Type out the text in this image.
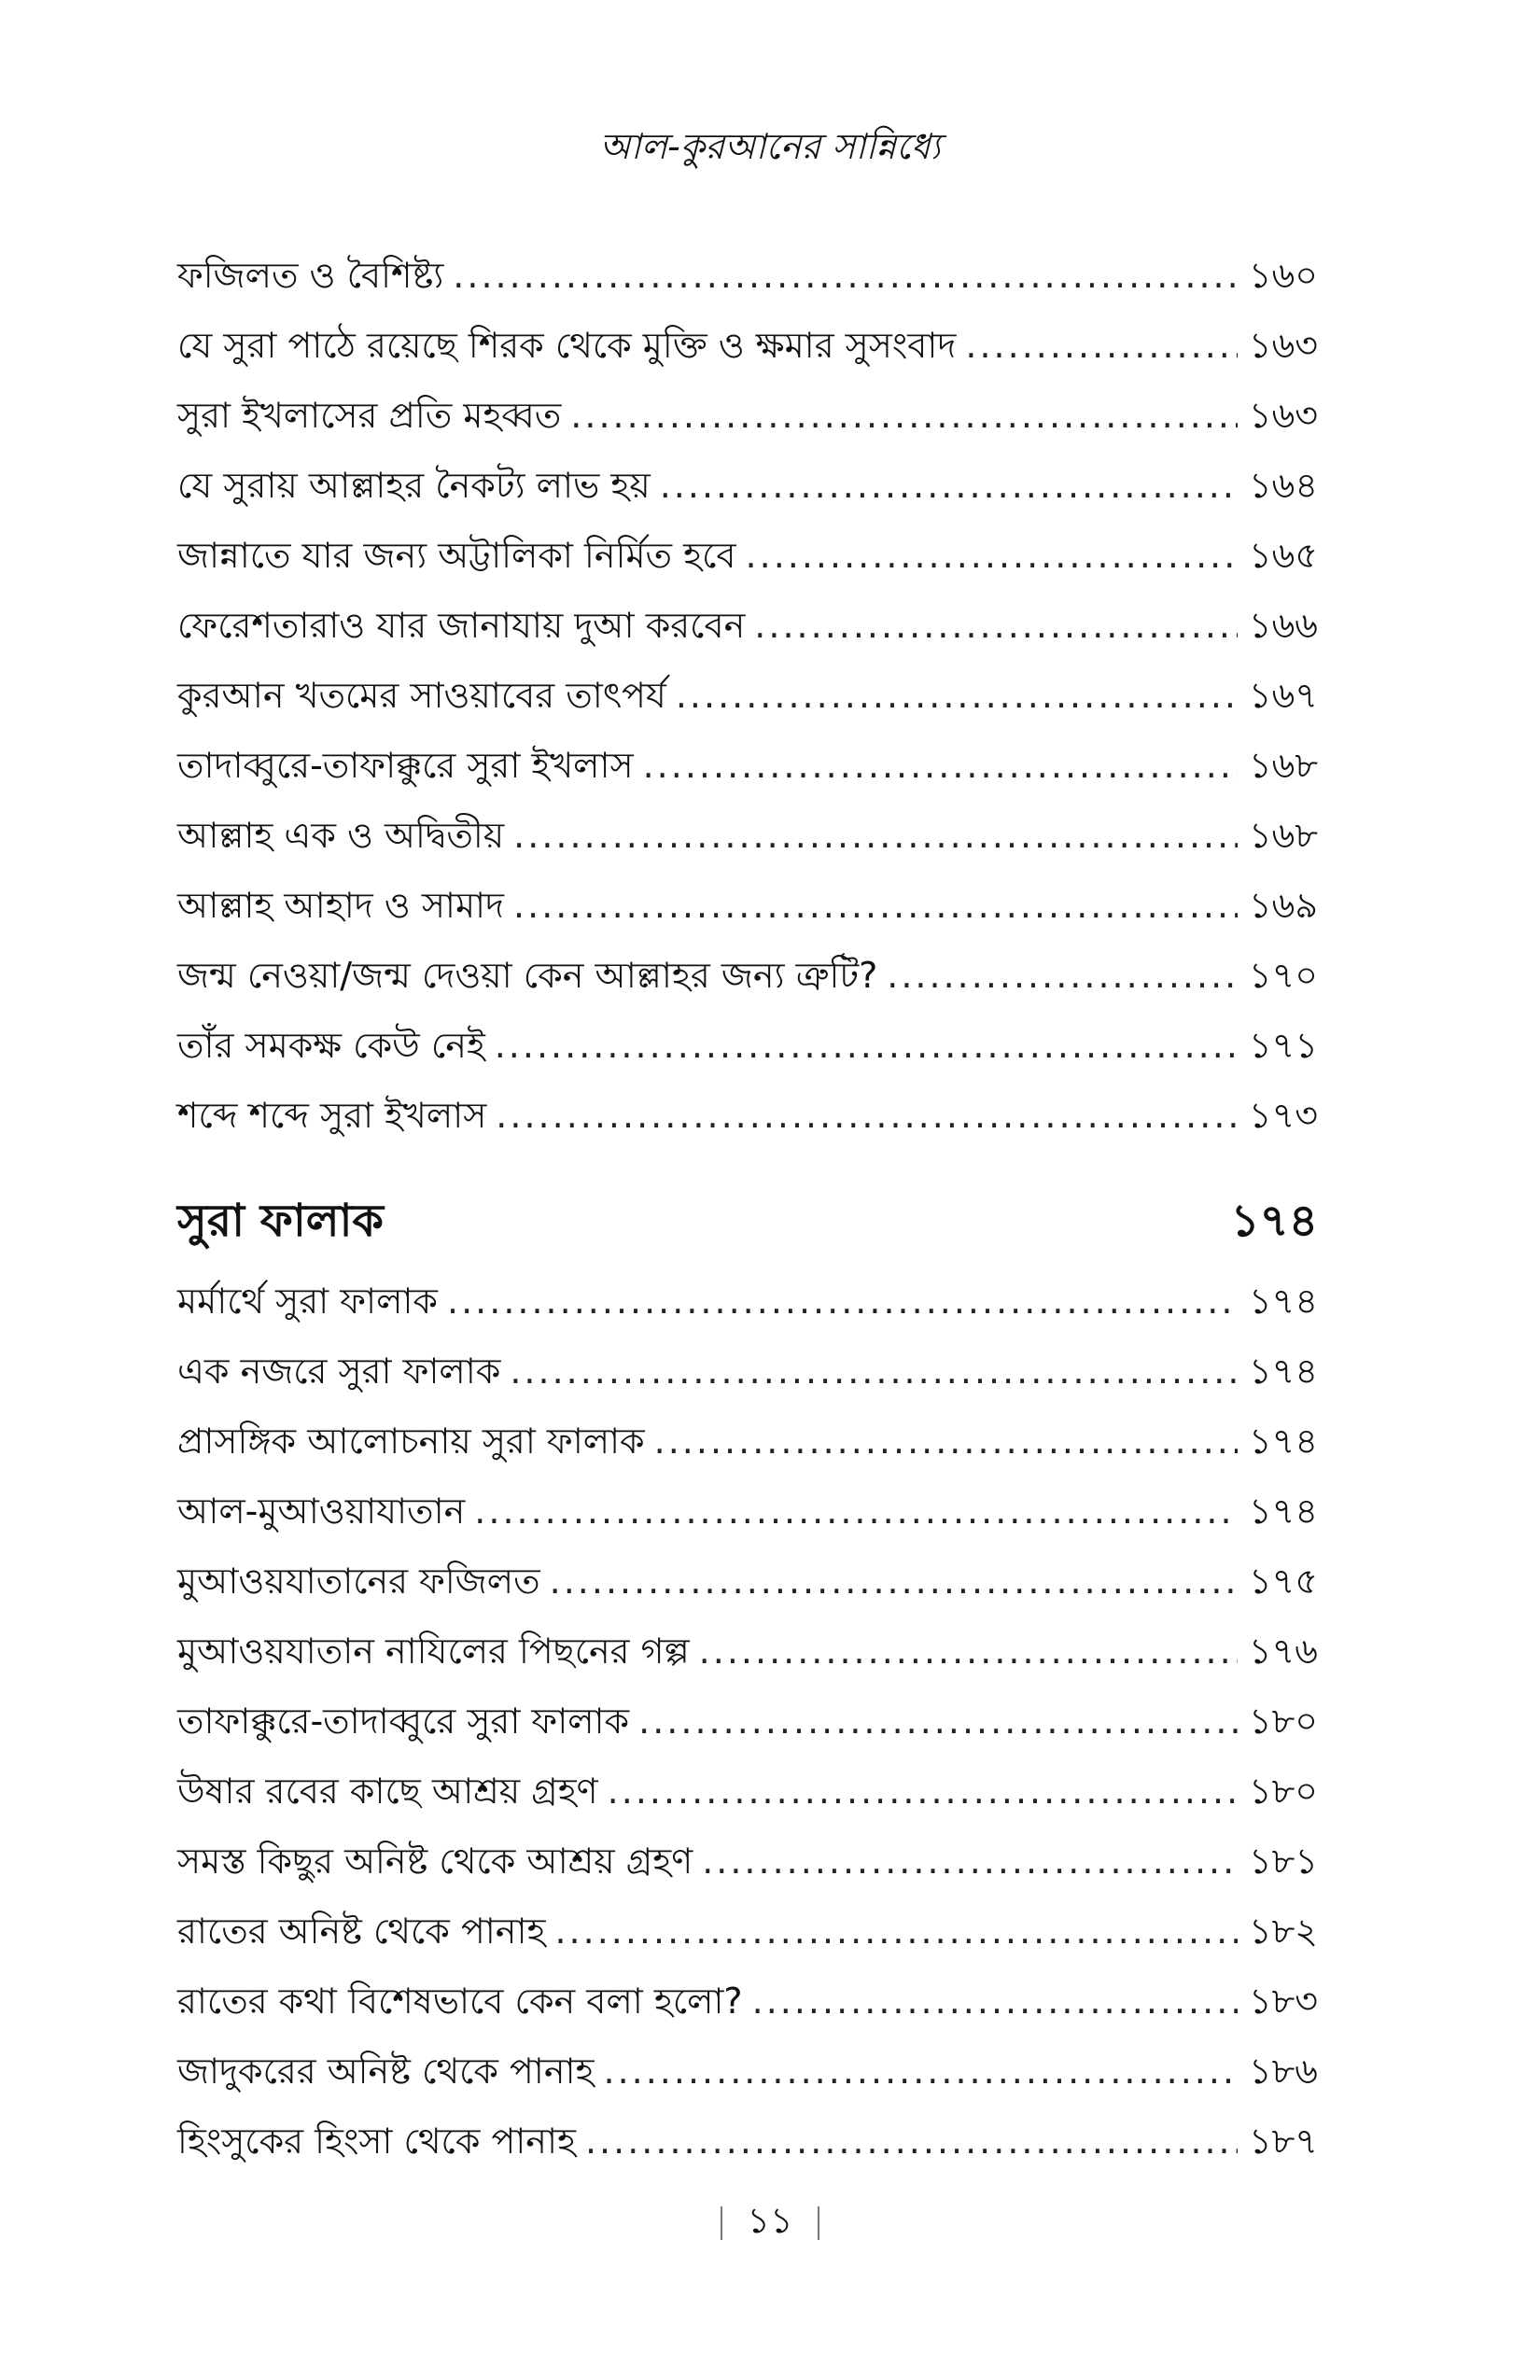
আল-কুরআনের সান্নিধ্যে
ফজিলত ও বৈশিষ্ট্য .....	১৬০
যে সুরা পাঠে রয়েছে শিরক থেকে মুক্তি ও ক্ষমার সুসংবাদ .....	১৬৩
সুরা ইখলাসের প্রতি মহব্বত .....	১৬৩
যে সুরায় আল্লাহর নৈকট্য লাভ হয় .....	১৬৪
জান্নাতে যার জন্য অট্টালিকা নির্মিত হবে .....	১৬৫
ফেরেশতারাও যার জানাযায় দুআ করবেন .....	১৬৬
কুরআন খতমের সাওয়াবের তাৎপর্য .....	১৬৭
তাদাব্বুরে-তাফাক্কুরে সুরা ইখলাস .....	১৬৮
আল্লাহ এক ও অদ্বিতীয় .....	১৬৮
আল্লাহ আহাদ ও সামাদ .....	১৬৯
জন্ম নেওয়া/জন্ম দেওয়া কেন আল্লাহর জন্য ত্রুটি? .....	১৭০
তাঁর সমকক্ষ কেউ নেই .....	১৭১
শব্দে শব্দে সুরা ইখলাস .....	১৭৩
সুরা ফালাক	১৭৪
মর্মার্থে সুরা ফালাক .....	১৭৪
এক নজরে সুরা ফালাক .....	১৭৪
প্রাসঙ্গিক আলোচনায় সুরা ফালাক .....	১৭৪
আল-মুআওয়াযাতান .....	১৭৪
মুআওয়যাতানের ফজিলত .....	১৭৫
মুআওয়যাতান নাযিলের পিছনের গল্প .....	১৭৬
তাফাক্কুরে-তাদাব্বুরে সুরা ফালাক .....	১৮০
উষার রবের কাছে আশ্রয় গ্রহণ .....	১৮০
সমস্ত কিছুর অনিষ্ট থেকে আশ্রয় গ্রহণ .....	১৮১
রাতের অনিষ্ট থেকে পানাহ .....	১৮২
রাতের কথা বিশেষভাবে কেন বলা হলো? .....	১৮৩
জাদুকরের অনিষ্ট থেকে পানাহ .....	১৮৬
হিংসুকের হিংসা থেকে পানাহ .....	১৮৭
১১
